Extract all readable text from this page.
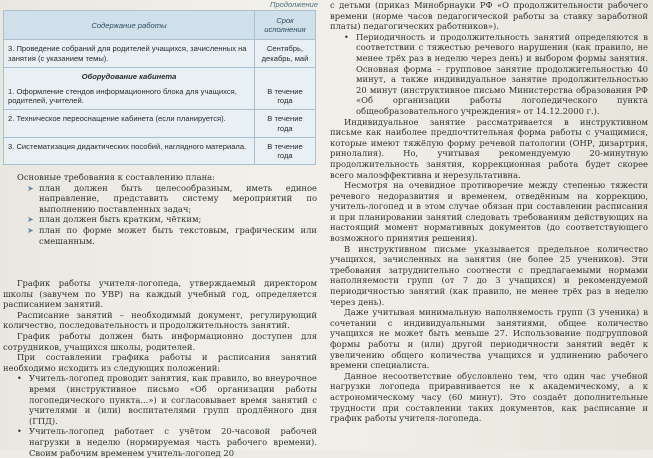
Продолжение
Содержание работы	Срок исполнения
3. Проведение собраний для родителей учащихся, зачисленных на занятия (с указанием темы).	Сентябрь, декабрь, май
Оборудование кабинета	
1. Оформление стендов информационного блока для учащихся, родителей, учителей.	В течение года
2. Техническое переоснащение кабинета (если планируется).	В течение года
3. Систематизация дидактических пособий, наглядного материала.	В течение года

Основные требования к составлению плана:

➤ план должен быть целесообразным, иметь единое направление, представить систему мероприятий по выполнению поставленных задач;
➤ план должен быть кратким, чётким;
➤ план по форме может быть текстовым, графическим или смешанным.

График работы учителя-логопеда, утверждаемый директором школы (завучем по УВР) на каждый учебный год, определяется расписанием занятий.

Расписание занятий – необходимый документ, регулирующий количество, последовательность и продолжительность занятий.

График работы должен быть информационно доступен для сотрудников, учащихся школы, родителей.

При составлении графика работы и расписания занятий необходимо исходить из следующих положений:

• Учитель-логопед проводит занятия, как правило, во внеурочное время (инструктивное письмо «Об организации работы логопедического пункта...») и согласовывает время занятий с учителями и (или) воспитателями групп продлённого дня (ГПД).
• Учитель-логопед работает с учётом 20-часовой рабочей нагрузки в неделю (нормируемая часть рабочего времени). Своим рабочим временем учитель-логопед 20

с детьми (приказ Минобрнауки РФ «О продолжительности рабочего времени (норме часов педагогической работы за ставку заработной платы) педагогических работников»).

• Периодичность и продолжительность занятий определяются в соответствии с тяжестью речевого нарушения (как правило, не менее трёх раз в неделю через день) и выбором формы занятия. Основная форма – групповое занятие продолжительностью 40 минут, а также индивидуальное занятие продолжительностью 20 минут (инструктивное письмо Министерства образования РФ «Об организации работы логопедического пункта общеобразовательного учреждения» от 14.12.2000 г.).

Индивидуальное занятие рассматривается в инструктивном письме как наиболее предпочтительная форма работы с учащимися, которые имеют тяжёлую форму речевой патологии (ОНР, дизартрия, ринолалия). Но, учитывая рекомендуемую 20-минутную продолжительность занятия, коррекционная работа будет скорее всего малоэффективна и нерезультативна.

Несмотря на очевидное противоречие между степенью тяжести речевого недоразвития и временем, отведённым на коррекцию, учитель-логопед и в этом случае обязан при составлении расписания и при планировании занятий следовать требованиям действующих на настоящий момент нормативных документов (до соответствующего возможного принятия решения).

В инструктивном письме указывается предельное количество учащихся, зачисленных на занятия (не более 25 учеников). Эти требования затруднительно соотнести с предлагаемыми нормами наполняемости групп (от 7 до 3 учащихся) и рекомендуемой периодичностью занятий (как правило, не менее трёх раз в неделю через день).

Даже учитывая минимальную наполняемость групп (3 ученика) в сочетании с индивидуальными занятиями, общее количество учащихся не может быть меньше 27. Использование подгрупповой формы работы и (или) другой периодичности занятий ведёт к увеличению общего количества учащихся и удлинению рабочего времени специалиста.

Данное несоответствие обусловлено тем, что один час учебной нагрузки логопеда приравнивается не к академическому, а к астрономическому часу (60 минут). Это создаёт дополнительные трудности при составлении таких документов, как расписание и график работы учителя-логопеда.
